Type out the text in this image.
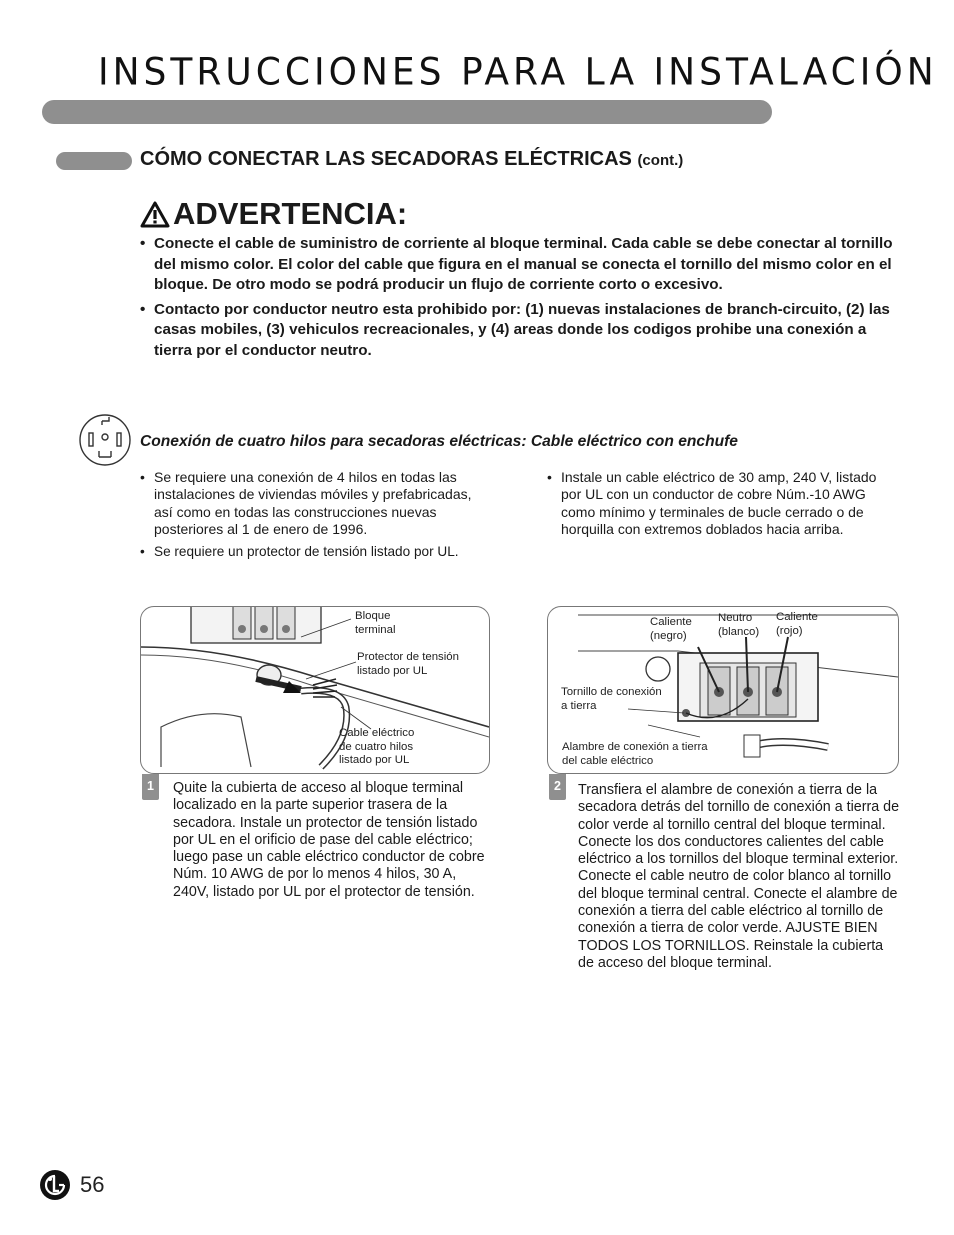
INSTRUCCIONES PARA LA INSTALACIÓN
CÓMO CONECTAR LAS SECADORAS ELÉCTRICAS (cont.)
ADVERTENCIA:
• Conecte el cable de suministro de corriente al bloque terminal. Cada cable se debe conectar al tornillo del mismo color. El color del cable que figura en el manual se conecta el tornillo del mismo color en el bloque. De otro modo se podrá producir un flujo de corriente corto o excesivo.
• Contacto por conductor neutro esta prohibido por: (1) nuevas instalaciones de branch-circuito, (2) las casas mobiles, (3) vehiculos recreacionales, y (4) areas donde los codigos prohibe una conexión a tierra por el conductor neutro.
Conexión de cuatro hilos para secadoras eléctricas: Cable eléctrico con enchufe
• Se requiere una conexión de 4 hilos en todas las instalaciones de viviendas móviles y prefabricadas, así como en todas las construcciones nuevas posteriores al 1 de enero de 1996.
• Se requiere un protector de tensión listado por UL.
• Instale un cable eléctrico de 30 amp, 240 V, listado por UL con un conductor de cobre Núm.-10 AWG como mínimo y terminales de bucle cerrado o de horquilla con extremos doblados hacia arriba.
Bloque terminal
Protector de tensión listado por UL
Cable eléctrico de cuatro hilos listado por UL
Caliente (negro)
Neutro (blanco)
Caliente (rojo)
Tornillo de conexión a tierra
Alambre de conexión a tierra del cable eléctrico
1	Quite la cubierta de acceso al bloque terminal localizado en la parte superior trasera de la secadora. Instale un protector de tensión listado por UL en el orificio de pase del cable eléctrico; luego pase un cable eléctrico conductor de cobre Núm. 10 AWG de por lo menos 4 hilos, 30 A, 240V, listado por UL por el protector de tensión.
2	Transfiera el alambre de conexión a tierra de la secadora detrás del tornillo de conexión a tierra de color verde al tornillo central del bloque terminal. Conecte los dos conductores calientes del cable eléctrico a los tornillos del bloque terminal exterior. Conecte el cable neutro de color blanco al tornillo del bloque terminal central. Conecte el alambre de conexión a tierra del cable eléctrico al tornillo de conexión a tierra de color verde. AJUSTE BIEN TODOS LOS TORNILLOS. Reinstale la cubierta de acceso del bloque terminal.
56
